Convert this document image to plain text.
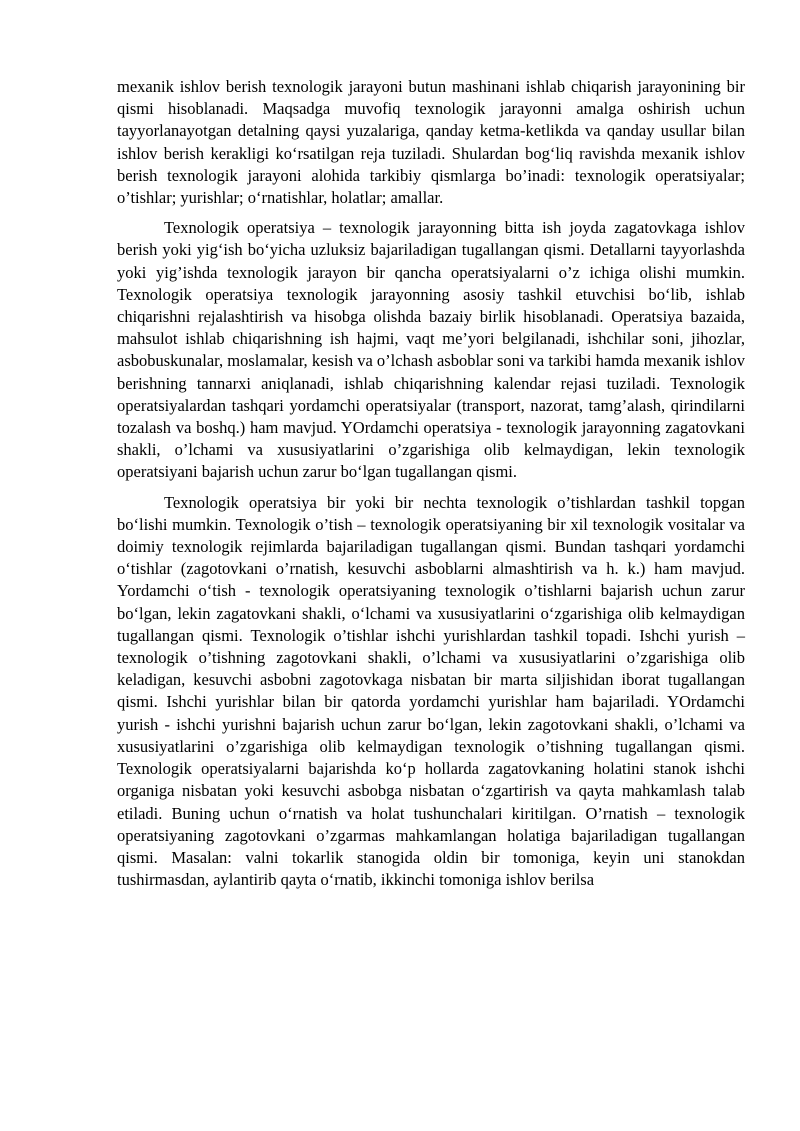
mexanik ishlov berish texnologik jarayoni butun mashinani ishlab chiqarish jarayonining bir qismi hisoblanadi. Maqsadga muvofiq texnologik jarayonni amalga oshirish uchun tayyorlanayotgan detalning qaysi yuzalariga, qanday ketma-ketlikda va qanday usullar bilan ishlov berish kerakligi ko‘rsatilgan reja tuziladi. Shulardan bog‘liq ravishda mexanik ishlov berish texnologik jarayoni alohida tarkibiy qismlarga bo’inadi: texnologik operatsiyalar; o’tishlar; yurishlar; o‘rnatishlar, holatlar; amallar.

Texnologik operatsiya – texnologik jarayonning bitta ish joyda zagatovkaga ishlov berish yoki yig‘ish bo‘yicha uzluksiz bajariladigan tugallangan qismi. Detallarni tayyorlashda yoki yig’ishda texnologik jarayon bir qancha operatsiyalarni o’z ichiga olishi mumkin. Texnologik operatsiya texnologik jarayonning asosiy tashkil etuvchisi bo‘lib, ishlab chiqarishni rejalashtirish va hisobga olishda bazaiy birlik hisoblanadi. Operatsiya bazaida, mahsulot ishlab chiqarishning ish hajmi, vaqt me’yori belgilanadi, ishchilar soni, jihozlar, asbobuskunalar, moslamalar, kesish va o’lchash asboblar soni va tarkibi hamda mexanik ishlov berishning tannarxi aniqlanadi, ishlab chiqarishning kalendar rejasi tuziladi. Texnologik operatsiyalardan tashqari yordamchi operatsiyalar (transport, nazorat, tamg’alash, qirindilarni tozalash va boshq.) ham mavjud. YOrdamchi operatsiya - texnologik jarayonning zagatovkani shakli, o’lchami va xususiyatlarini o’zgarishiga olib kelmaydigan, lekin texnologik operatsiyani bajarish uchun zarur bo‘lgan tugallangan qismi.

Texnologik operatsiya bir yoki bir nechta texnologik o’tishlardan tashkil topgan bo‘lishi mumkin. Texnologik o’tish – texnologik operatsiyaning bir xil texnologik vositalar va doimiy texnologik rejimlarda bajariladigan tugallangan qismi. Bundan tashqari yordamchi o‘tishlar (zagotovkani o’rnatish, kesuvchi asboblarni almashtirish va h. k.) ham mavjud. Yordamchi o‘tish - texnologik operatsiyaning texnologik o’tishlarni bajarish uchun zarur bo‘lgan, lekin zagatovkani shakli, o‘lchami va xususiyatlarini o‘zgarishiga olib kelmaydigan tugallangan qismi. Texnologik o’tishlar ishchi yurishlardan tashkil topadi. Ishchi yurish – texnologik o’tishning zagotovkani shakli, o’lchami va xususiyatlarini o’zgarishiga olib keladigan, kesuvchi asbobni zagotovkaga nisbatan bir marta siljishidan iborat tugallangan qismi. Ishchi yurishlar bilan bir qatorda yordamchi yurishlar ham bajariladi. YOrdamchi yurish - ishchi yurishni bajarish uchun zarur bo‘lgan, lekin zagotovkani shakli, o’lchami va xususiyatlarini o’zgarishiga olib kelmaydigan texnologik o’tishning tugallangan qismi. Texnologik operatsiyalarni bajarishda ko‘p hollarda zagatovkaning holatini stanok ishchi organiga nisbatan yoki kesuvchi asbobga nisbatan o‘zgartirish va qayta mahkamlash talab etiladi. Buning uchun o‘rnatish va holat tushunchalari kiritilgan. O’rnatish – texnologik operatsiyaning zagotovkani o’zgarmas mahkamlangan holatiga bajariladigan tugallangan qismi. Masalan: valni tokarlik stanogida oldin bir tomoniga, keyin uni stanokdan tushirmasdan, aylantirib qayta o‘rnatib, ikkinchi tomoniga ishlov berilsa
